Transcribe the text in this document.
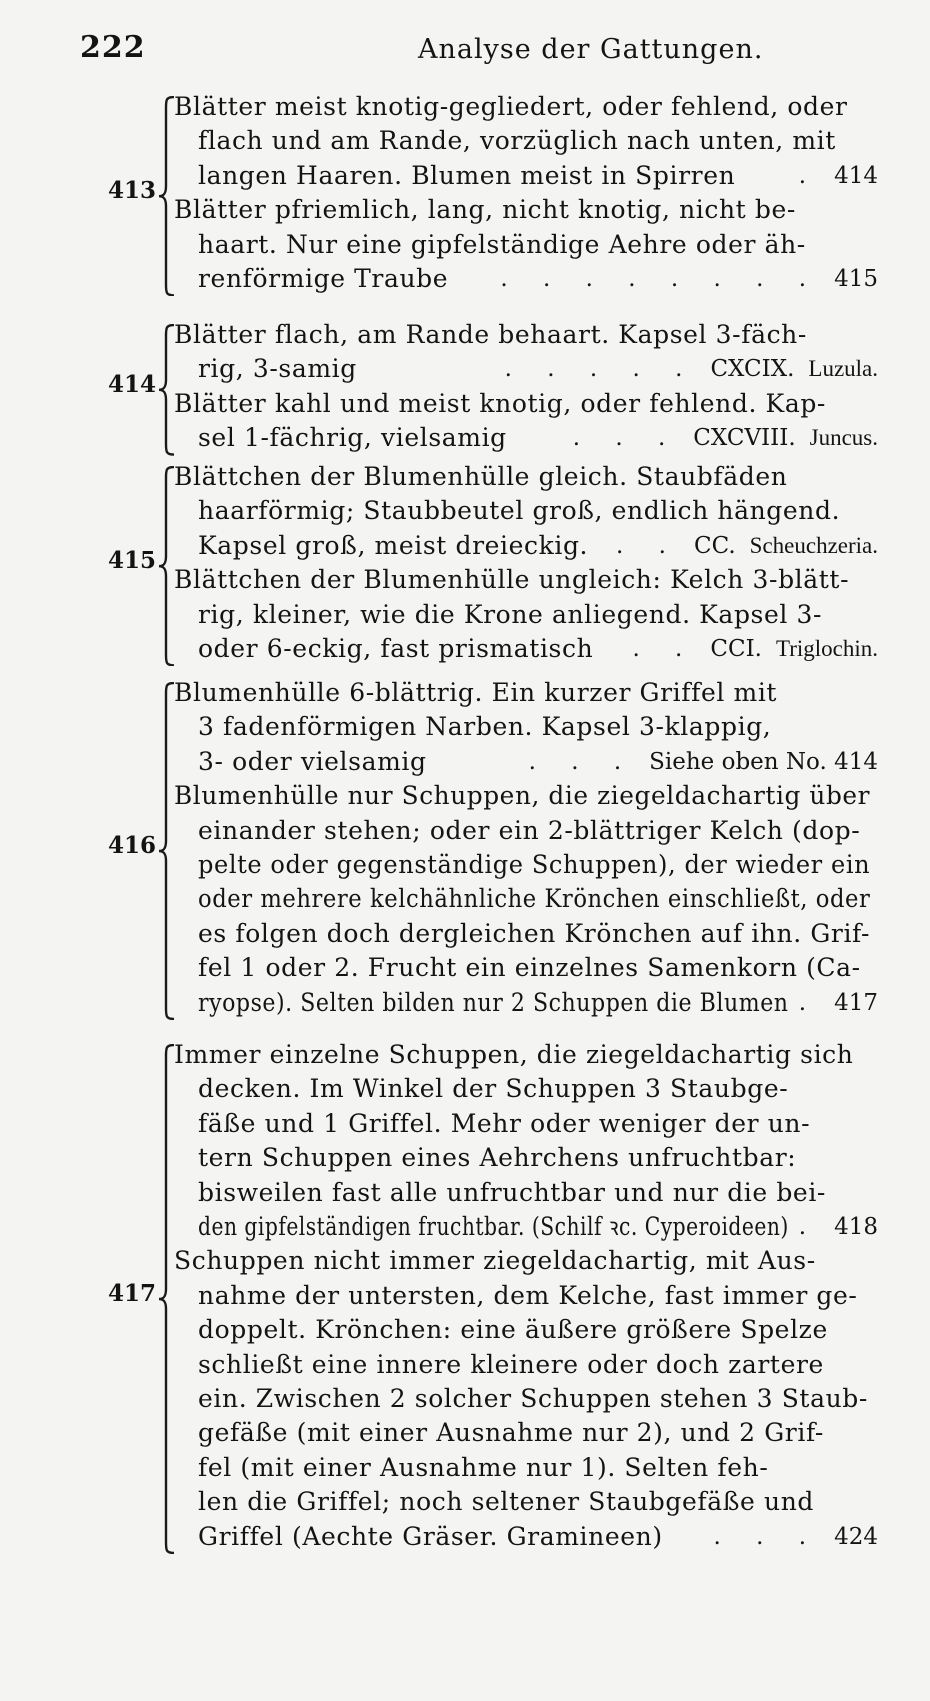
222	Analyse der Gattungen.
413
Blätter meist knotig-gegliedert, oder fehlend, oder
flach und am Rande, vorzüglich nach unten, mit
langen Haaren. Blumen meist in Spirren	. 414
Blätter pfriemlich, lang, nicht knotig, nicht be-
haart. Nur eine gipfelständige Aehre oder äh-
renförmige Traube . . . . . . . . 415
414
Blätter flach, am Rande behaart. Kapsel 3-fäch-
rig, 3-samig	. . . . . CXCIX. Luzula.
Blätter kahl und meist knotig, oder fehlend. Kap-
sel 1-fächrig, vielsamig	. . . CXCVIII. Juncus.
415
Blättchen der Blumenhülle gleich. Staubfäden
haarförmig; Staubbeutel groß, endlich hängend.
Kapsel groß, meist dreieckig. . . CC. Scheuchzeria.
Blättchen der Blumenhülle ungleich: Kelch 3-blätt-
rig, kleiner, wie die Krone anliegend. Kapsel 3-
oder 6-eckig, fast prismatisch . . CCI. Triglochin.
416
Blumenhülle 6-blättrig. Ein kurzer Griffel mit
3 fadenförmigen Narben. Kapsel 3-klappig,
3- oder vielsamig	. . . Siehe oben No. 414
Blumenhülle nur Schuppen, die ziegeldachartig über
einander stehen; oder ein 2-blättriger Kelch (dop-
pelte oder gegenständige Schuppen), der wieder ein
oder mehrere kelchähnliche Krönchen einschließt, oder
es folgen doch dergleichen Krönchen auf ihn. Grif-
fel 1 oder 2. Frucht ein einzelnes Samenkorn (Ca-
ryopse). Selten bilden nur 2 Schuppen die Blumen . 417
417
Immer einzelne Schuppen, die ziegeldachartig sich
decken. Im Winkel der Schuppen 3 Staubge-
fäße und 1 Griffel. Mehr oder weniger der un-
tern Schuppen eines Aehrchens unfruchtbar:
bisweilen fast alle unfruchtbar und nur die bei-
den gipfelständigen fruchtbar. (Schilf ꝛc. Cyperoideen) . 418
Schuppen nicht immer ziegeldachartig, mit Aus-
nahme der untersten, dem Kelche, fast immer ge-
doppelt. Krönchen: eine äußere größere Spelze
schließt eine innere kleinere oder doch zartere
ein. Zwischen 2 solcher Schuppen stehen 3 Staub-
gefäße (mit einer Ausnahme nur 2), und 2 Grif-
fel (mit einer Ausnahme nur 1). Selten feh-
len die Griffel; noch seltener Staubgefäße und
Griffel (Aechte Gräser. Gramineen) . . . 424
